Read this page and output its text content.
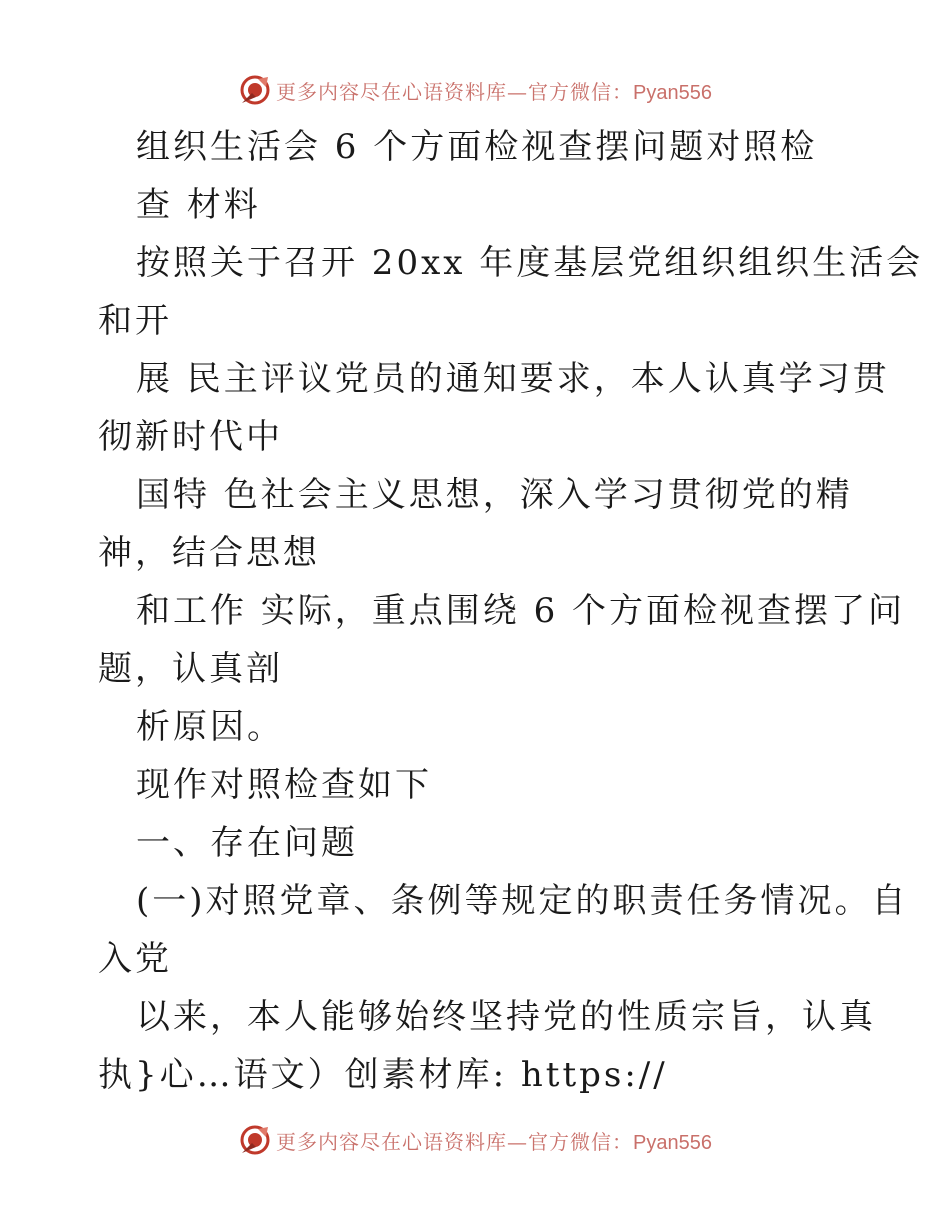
更多内容尽在心语资料库—官方微信：Pyan556
组织生活会 6 个方面检视查摆问题对照检
查 材料
按照关于召开 20xx 年度基层党组织组织生活会
和开
展 民主评议党员的通知要求，本人认真学习贯
彻新时代中
国特 色社会主义思想，深入学习贯彻党的精
神，结合思想
和工作 实际，重点围绕 6 个方面检视查摆了问
题，认真剖
析原因。
现作对照检查如下
一、存在问题
(一)对照党章、条例等规定的职责任务情况。自
入党
以来，本人能够始终坚持党的性质宗旨，认真
执}心…语文）创素材库: https://
更多内容尽在心语资料库—官方微信：Pyan556
